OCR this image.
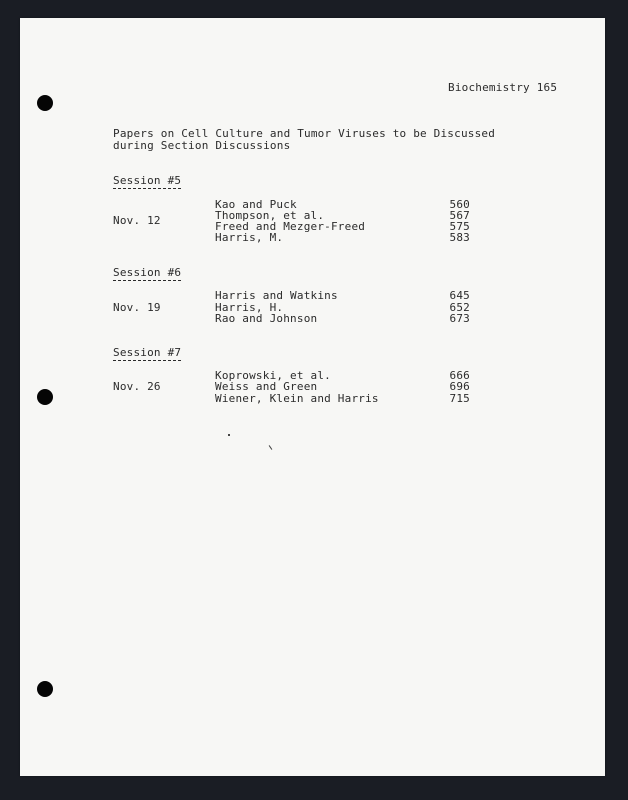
Biochemistry 165
Papers on Cell Culture and Tumor Viruses to be Discussed
during Section Discussions
Session #5
Nov. 12
Kao and Puck	560
Thompson, et al.	567
Freed and Mezger-Freed	575
Harris, M.	583
Session #6
Nov. 19
Harris and Watkins	645
Harris, H.	652
Rao and Johnson	673
Session #7
Nov. 26
Koprowski, et al.	666
Weiss and Green	696
Wiener, Klein and Harris	715
